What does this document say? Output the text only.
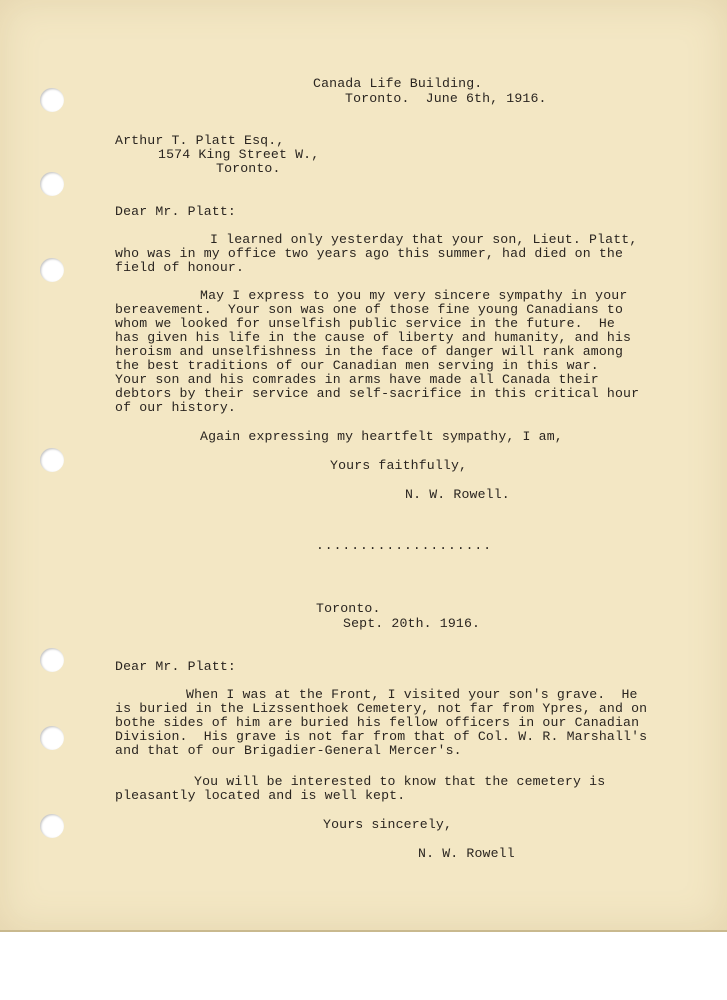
Canada Life Building.

Toronto.  June 6th, 1916.

Arthur T. Platt Esq.,

1574 King Street W.,

Toronto.

Dear Mr. Platt:

I learned only yesterday that your son, Lieut. Platt,

who was in my office two years ago this summer, had died on the

field of honour.

May I express to you my very sincere sympathy in your

bereavement.  Your son was one of those fine young Canadians to

whom we looked for unselfish public service in the future.  He

has given his life in the cause of liberty and humanity, and his

heroism and unselfishness in the face of danger will rank among

the best traditions of our Canadian men serving in this war.

Your son and his comrades in arms have made all Canada their

debtors by their service and self-sacrifice in this critical hour

of our history.

Again expressing my heartfelt sympathy, I am,

Yours faithfully,

N. W. Rowell.

....................

Toronto.

Sept. 20th. 1916.

Dear Mr. Platt:

When I was at the Front, I visited your son's grave.  He

is buried in the Lizssenthoek Cemetery, not far from Ypres, and on

bothe sides of him are buried his fellow officers in our Canadian

Division.  His grave is not far from that of Col. W. R. Marshall's

and that of our Brigadier-General Mercer's.

You will be interested to know that the cemetery is

pleasantly located and is well kept.

Yours sincerely,

N. W. Rowell
